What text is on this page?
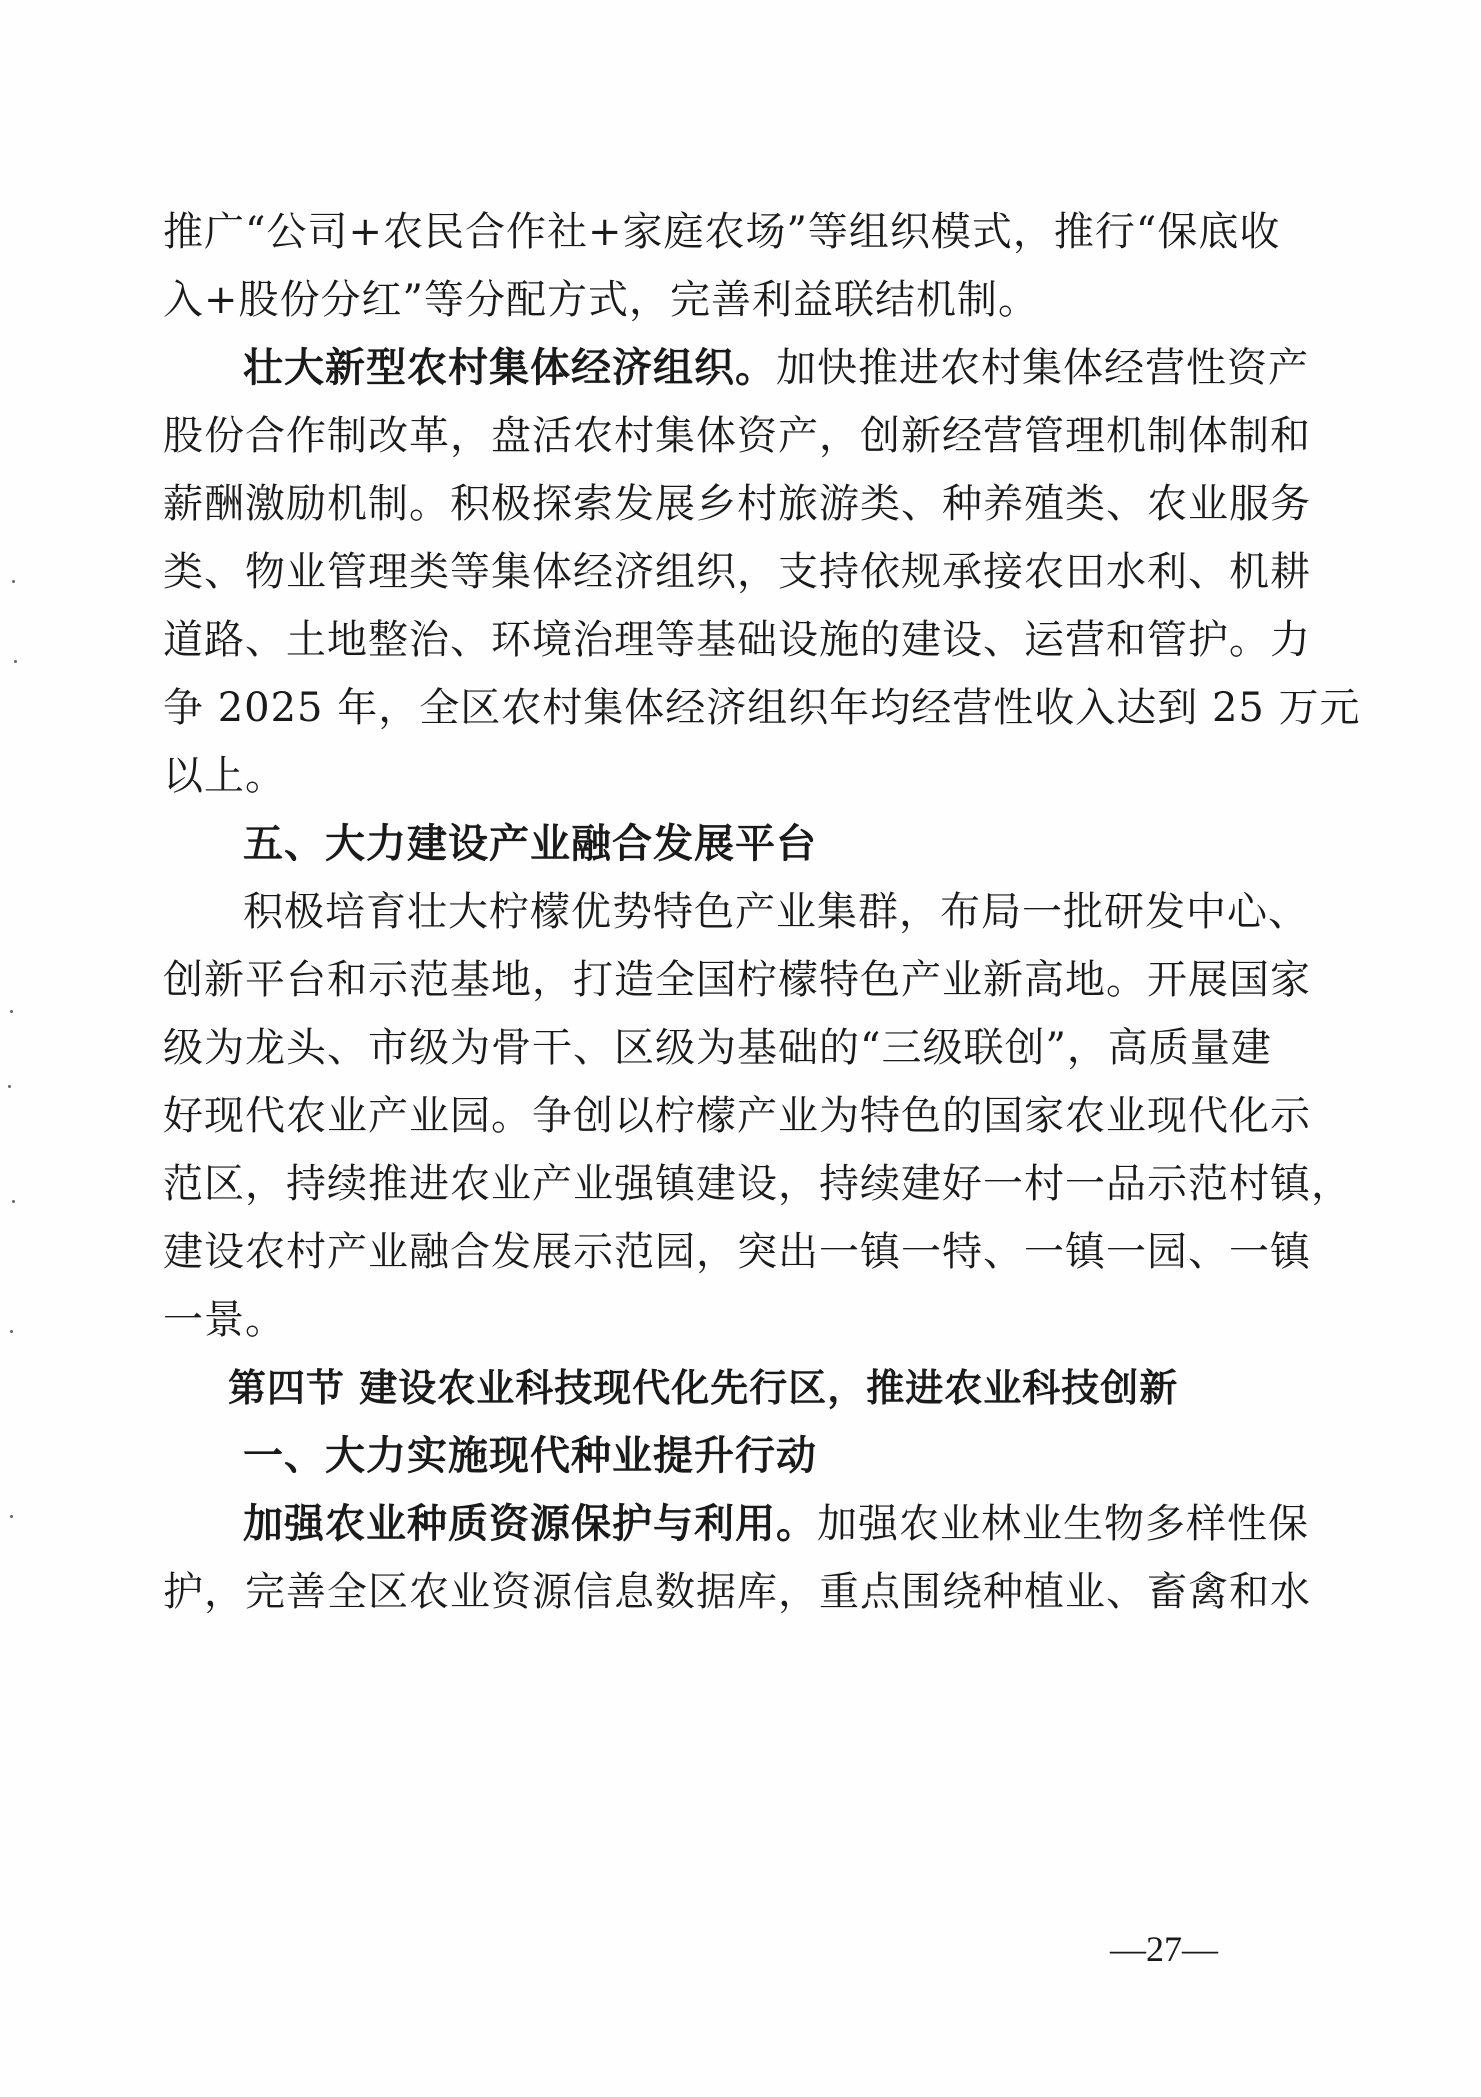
推广“公司+农民合作社+家庭农场”等组织模式，推行“保底收
入+股份分红”等分配方式，完善利益联结机制。
壮大新型农村集体经济组织。加快推进农村集体经营性资产
股份合作制改革，盘活农村集体资产，创新经营管理机制体制和
薪酬激励机制。积极探索发展乡村旅游类、种养殖类、农业服务
类、物业管理类等集体经济组织，支持依规承接农田水利、机耕
道路、土地整治、环境治理等基础设施的建设、运营和管护。力
争 2025 年，全区农村集体经济组织年均经营性收入达到 25 万元
以上。
五、大力建设产业融合发展平台
积极培育壮大柠檬优势特色产业集群，布局一批研发中心、
创新平台和示范基地，打造全国柠檬特色产业新高地。开展国家
级为龙头、市级为骨干、区级为基础的“三级联创”，高质量建
好现代农业产业园。争创以柠檬产业为特色的国家农业现代化示
范区，持续推进农业产业强镇建设，持续建好一村一品示范村镇，
建设农村产业融合发展示范园，突出一镇一特、一镇一园、一镇
一景。
第四节 建设农业科技现代化先行区，推进农业科技创新
一、大力实施现代种业提升行动
加强农业种质资源保护与利用。加强农业林业生物多样性保
护，完善全区农业资源信息数据库，重点围绕种植业、畜禽和水
—27—
